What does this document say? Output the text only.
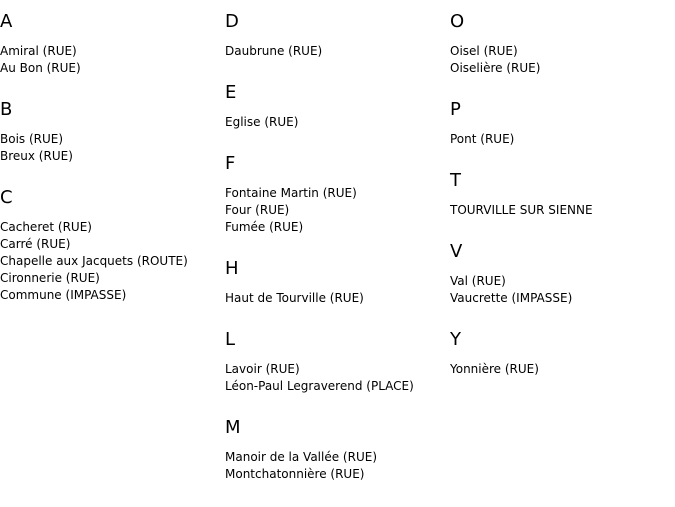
A
Amiral (RUE)
Au Bon (RUE)
B
Bois (RUE)
Breux (RUE)
C
Cacheret (RUE)
Carré (RUE)
Chapelle aux Jacquets (ROUTE)
Cironnerie (RUE)
Commune (IMPASSE)
D
Daubrune (RUE)
E
Eglise (RUE)
F
Fontaine Martin (RUE)
Four (RUE)
Fumée (RUE)
H
Haut de Tourville (RUE)
L
Lavoir (RUE)
Léon-Paul Legraverend (PLACE)
M
Manoir de la Vallée (RUE)
Montchatonnière (RUE)
O
Oisel (RUE)
Oiselière (RUE)
P
Pont (RUE)
T
TOURVILLE SUR SIENNE
V
Val (RUE)
Vaucrette (IMPASSE)
Y
Yonnière (RUE)
